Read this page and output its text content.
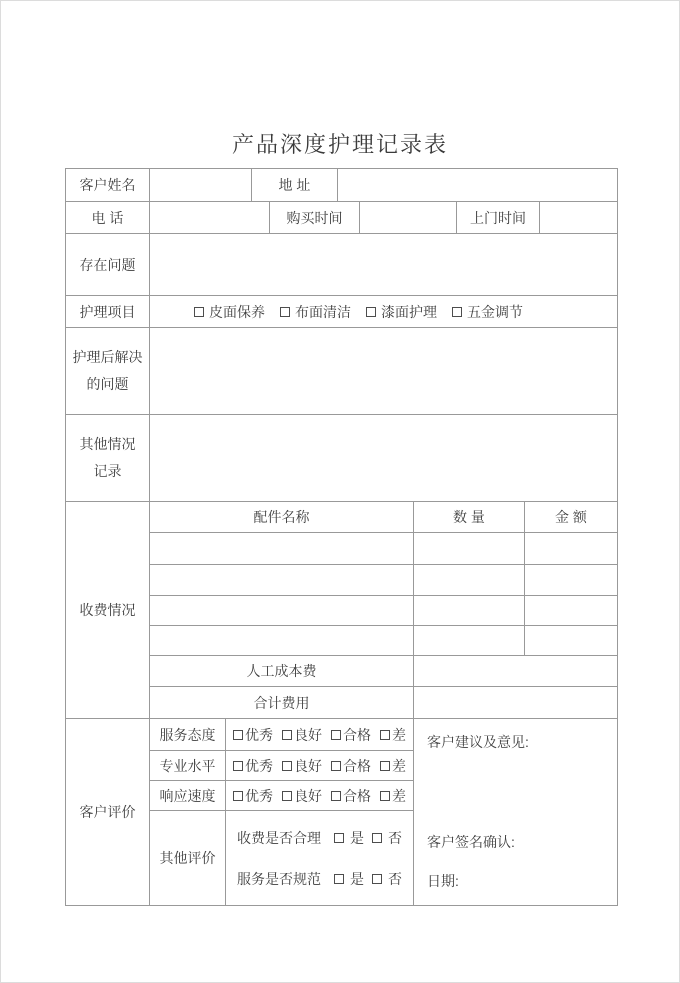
产品深度护理记录表
客户姓名	地 址
电 话	购买时间	上门时间
存在问题
护理项目	皮面保养 布面清洁 漆面护理 五金调节
护理后解决
的问题
其他情况
记录
收费情况
配件名称	数 量	金 额
人工成本费
合计费用
客户评价
服务态度	优秀 良好 合格 差
专业水平	优秀 良好 合格 差
响应速度	优秀 良好 合格 差
其他评价
收费是否合理 是 否
服务是否规范 是 否
客户建议及意见:
客户签名确认:
日期:
